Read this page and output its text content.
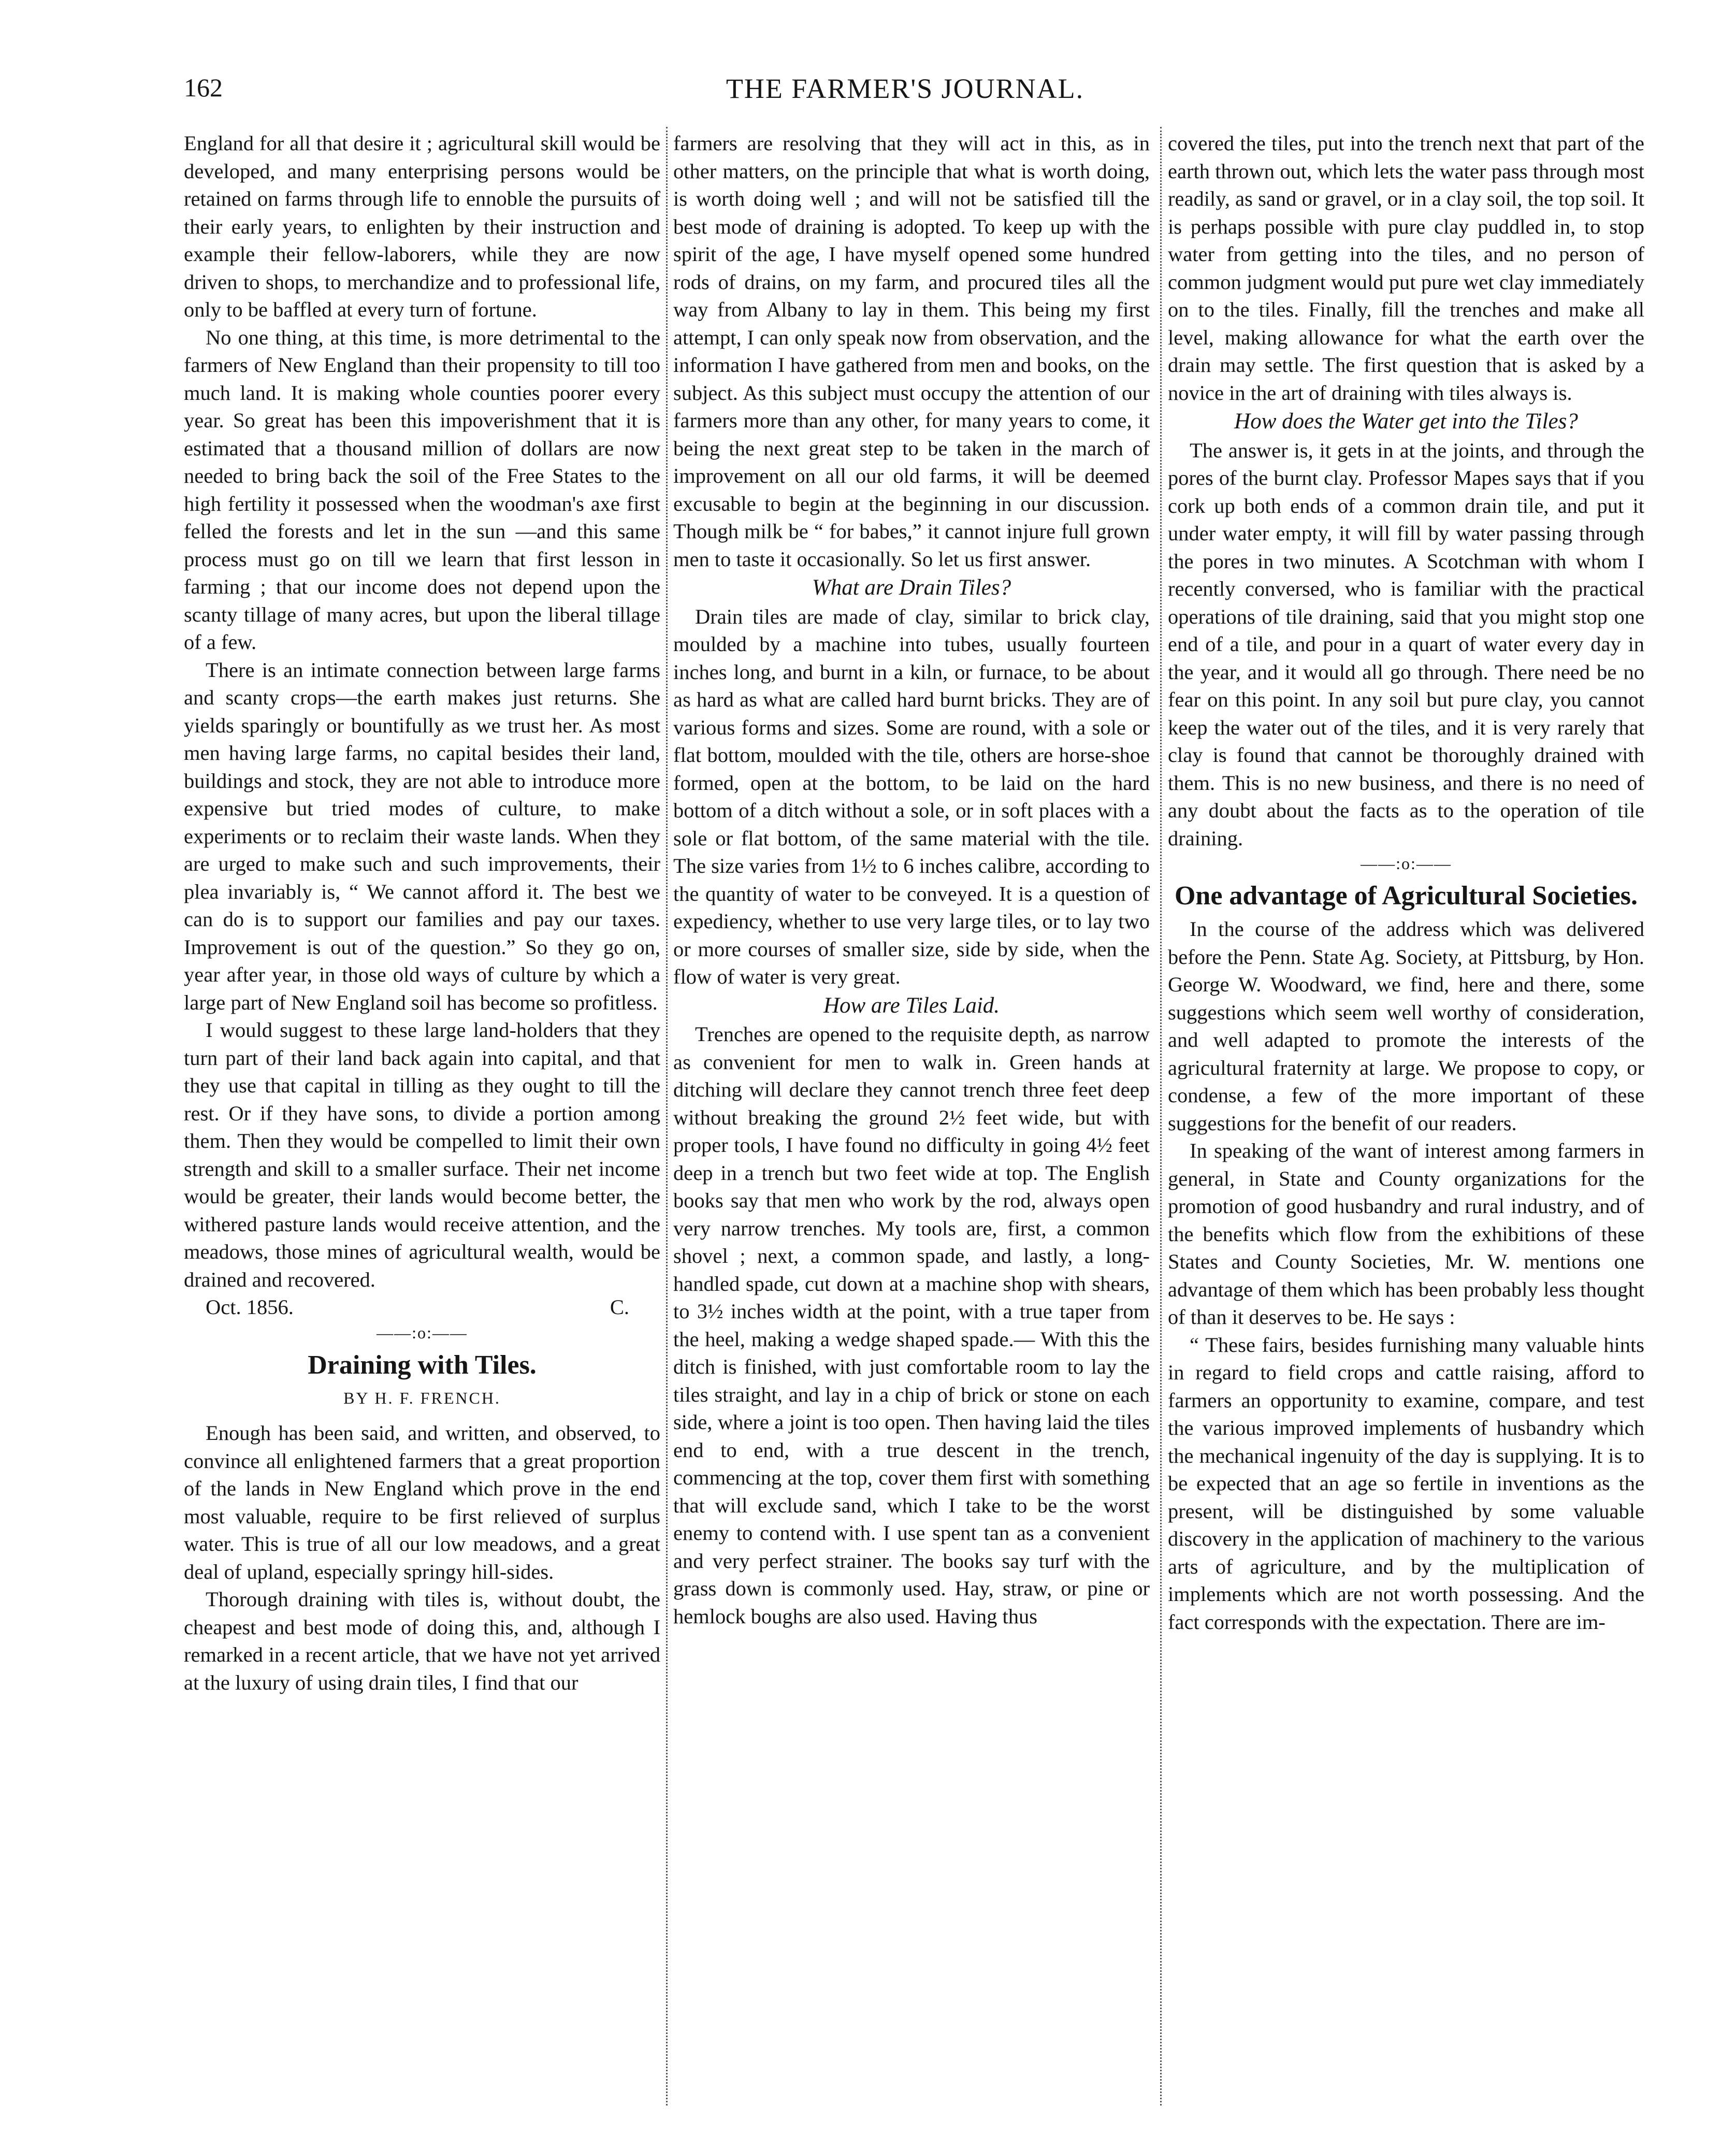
162	THE FARMER'S JOURNAL.

England for all that desire it ; agricultural skill would be developed, and many enterprising persons would be retained on farms through life to ennoble the pursuits of their early years, to enlighten by their instruction and example their fellow-laborers, while they are now driven to shops, to merchandize and to professional life, only to be baffled at every turn of fortune.

No one thing, at this time, is more detrimental to the farmers of New England than their propensity to till too much land. It is making whole counties poorer every year. So great has been this impoverishment that it is estimated that a thousand million of dollars are now needed to bring back the soil of the Free States to the high fertility it possessed when the woodman's axe first felled the forests and let in the sun —and this same process must go on till we learn that first lesson in farming ; that our income does not depend upon the scanty tillage of many acres, but upon the liberal tillage of a few.

There is an intimate connection between large farms and scanty crops—the earth makes just returns. She yields sparingly or bountifully as we trust her. As most men having large farms, no capital besides their land, buildings and stock, they are not able to introduce more expensive but tried modes of culture, to make experiments or to reclaim their waste lands. When they are urged to make such and such improvements, their plea invariably is, “ We cannot afford it. The best we can do is to support our families and pay our taxes. Improvement is out of the question.” So they go on, year after year, in those old ways of culture by which a large part of New England soil has become so profitless.

I would suggest to these large land-holders that they turn part of their land back again into capital, and that they use that capital in tilling as they ought to till the rest. Or if they have sons, to divide a portion among them. Then they would be compelled to limit their own strength and skill to a smaller surface. Their net income would be greater, their lands would become better, the withered pasture lands would receive attention, and the meadows, those mines of agricultural wealth, would be drained and recovered.

Oct. 1856.	C.
——:o:——
Draining with Tiles.
BY H. F. FRENCH.

Enough has been said, and written, and observed, to convince all enlightened farmers that a great proportion of the lands in New England which prove in the end most valuable, require to be first relieved of surplus water. This is true of all our low meadows, and a great deal of upland, especially springy hill-sides.

Thorough draining with tiles is, without doubt, the cheapest and best mode of doing this, and, although I remarked in a recent article, that we have not yet arrived at the luxury of using drain tiles, I find that our

farmers are resolving that they will act in this, as in other matters, on the principle that what is worth doing, is worth doing well ; and will not be satisfied till the best mode of draining is adopted. To keep up with the spirit of the age, I have myself opened some hundred rods of drains, on my farm, and procured tiles all the way from Albany to lay in them. This being my first attempt, I can only speak now from observation, and the information I have gathered from men and books, on the subject. As this subject must occupy the attention of our farmers more than any other, for many years to come, it being the next great step to be taken in the march of improvement on all our old farms, it will be deemed excusable to begin at the beginning in our discussion. Though milk be “ for babes,” it cannot injure full grown men to taste it occasionally. So let us first answer.

What are Drain Tiles?

Drain tiles are made of clay, similar to brick clay, moulded by a machine into tubes, usually fourteen inches long, and burnt in a kiln, or furnace, to be about as hard as what are called hard burnt bricks. They are of various forms and sizes. Some are round, with a sole or flat bottom, moulded with the tile, others are horse-shoe formed, open at the bottom, to be laid on the hard bottom of a ditch without a sole, or in soft places with a sole or flat bottom, of the same material with the tile. The size varies from 1½ to 6 inches calibre, according to the quantity of water to be conveyed. It is a question of expediency, whether to use very large tiles, or to lay two or more courses of smaller size, side by side, when the flow of water is very great.

How are Tiles Laid.

Trenches are opened to the requisite depth, as narrow as convenient for men to walk in. Green hands at ditching will declare they cannot trench three feet deep without breaking the ground 2½ feet wide, but with proper tools, I have found no difficulty in going 4½ feet deep in a trench but two feet wide at top. The English books say that men who work by the rod, always open very narrow trenches. My tools are, first, a common shovel ; next, a common spade, and lastly, a long-handled spade, cut down at a machine shop with shears, to 3½ inches width at the point, with a true taper from the heel, making a wedge shaped spade.— With this the ditch is finished, with just comfortable room to lay the tiles straight, and lay in a chip of brick or stone on each side, where a joint is too open. Then having laid the tiles end to end, with a true descent in the trench, commencing at the top, cover them first with something that will exclude sand, which I take to be the worst enemy to contend with. I use spent tan as a convenient and very perfect strainer. The books say turf with the grass down is commonly used. Hay, straw, or pine or hemlock boughs are also used. Having thus

covered the tiles, put into the trench next that part of the earth thrown out, which lets the water pass through most readily, as sand or gravel, or in a clay soil, the top soil. It is perhaps possible with pure clay puddled in, to stop water from getting into the tiles, and no person of common judgment would put pure wet clay immediately on to the tiles. Finally, fill the trenches and make all level, making allowance for what the earth over the drain may settle. The first question that is asked by a novice in the art of draining with tiles always is.

How does the Water get into the Tiles?

The answer is, it gets in at the joints, and through the pores of the burnt clay. Professor Mapes says that if you cork up both ends of a common drain tile, and put it under water empty, it will fill by water passing through the pores in two minutes. A Scotchman with whom I recently conversed, who is familiar with the practical operations of tile draining, said that you might stop one end of a tile, and pour in a quart of water every day in the year, and it would all go through. There need be no fear on this point. In any soil but pure clay, you cannot keep the water out of the tiles, and it is very rarely that clay is found that cannot be thoroughly drained with them. This is no new business, and there is no need of any doubt about the facts as to the operation of tile draining.

——:o:——
One advantage of Agricultural Societies.

In the course of the address which was delivered before the Penn. State Ag. Society, at Pittsburg, by Hon. George W. Woodward, we find, here and there, some suggestions which seem well worthy of consideration, and well adapted to promote the interests of the agricultural fraternity at large. We propose to copy, or condense, a few of the more important of these suggestions for the benefit of our readers.

In speaking of the want of interest among farmers in general, in State and County organizations for the promotion of good husbandry and rural industry, and of the benefits which flow from the exhibitions of these States and County Societies, Mr. W. mentions one advantage of them which has been probably less thought of than it deserves to be. He says :

“ These fairs, besides furnishing many valuable hints in regard to field crops and cattle raising, afford to farmers an opportunity to examine, compare, and test the various improved implements of husbandry which the mechanical ingenuity of the day is supplying. It is to be expected that an age so fertile in inventions as the present, will be distinguished by some valuable discovery in the application of machinery to the various arts of agriculture, and by the multiplication of implements which are not worth possessing. And the fact corresponds with the expectation. There are im-
